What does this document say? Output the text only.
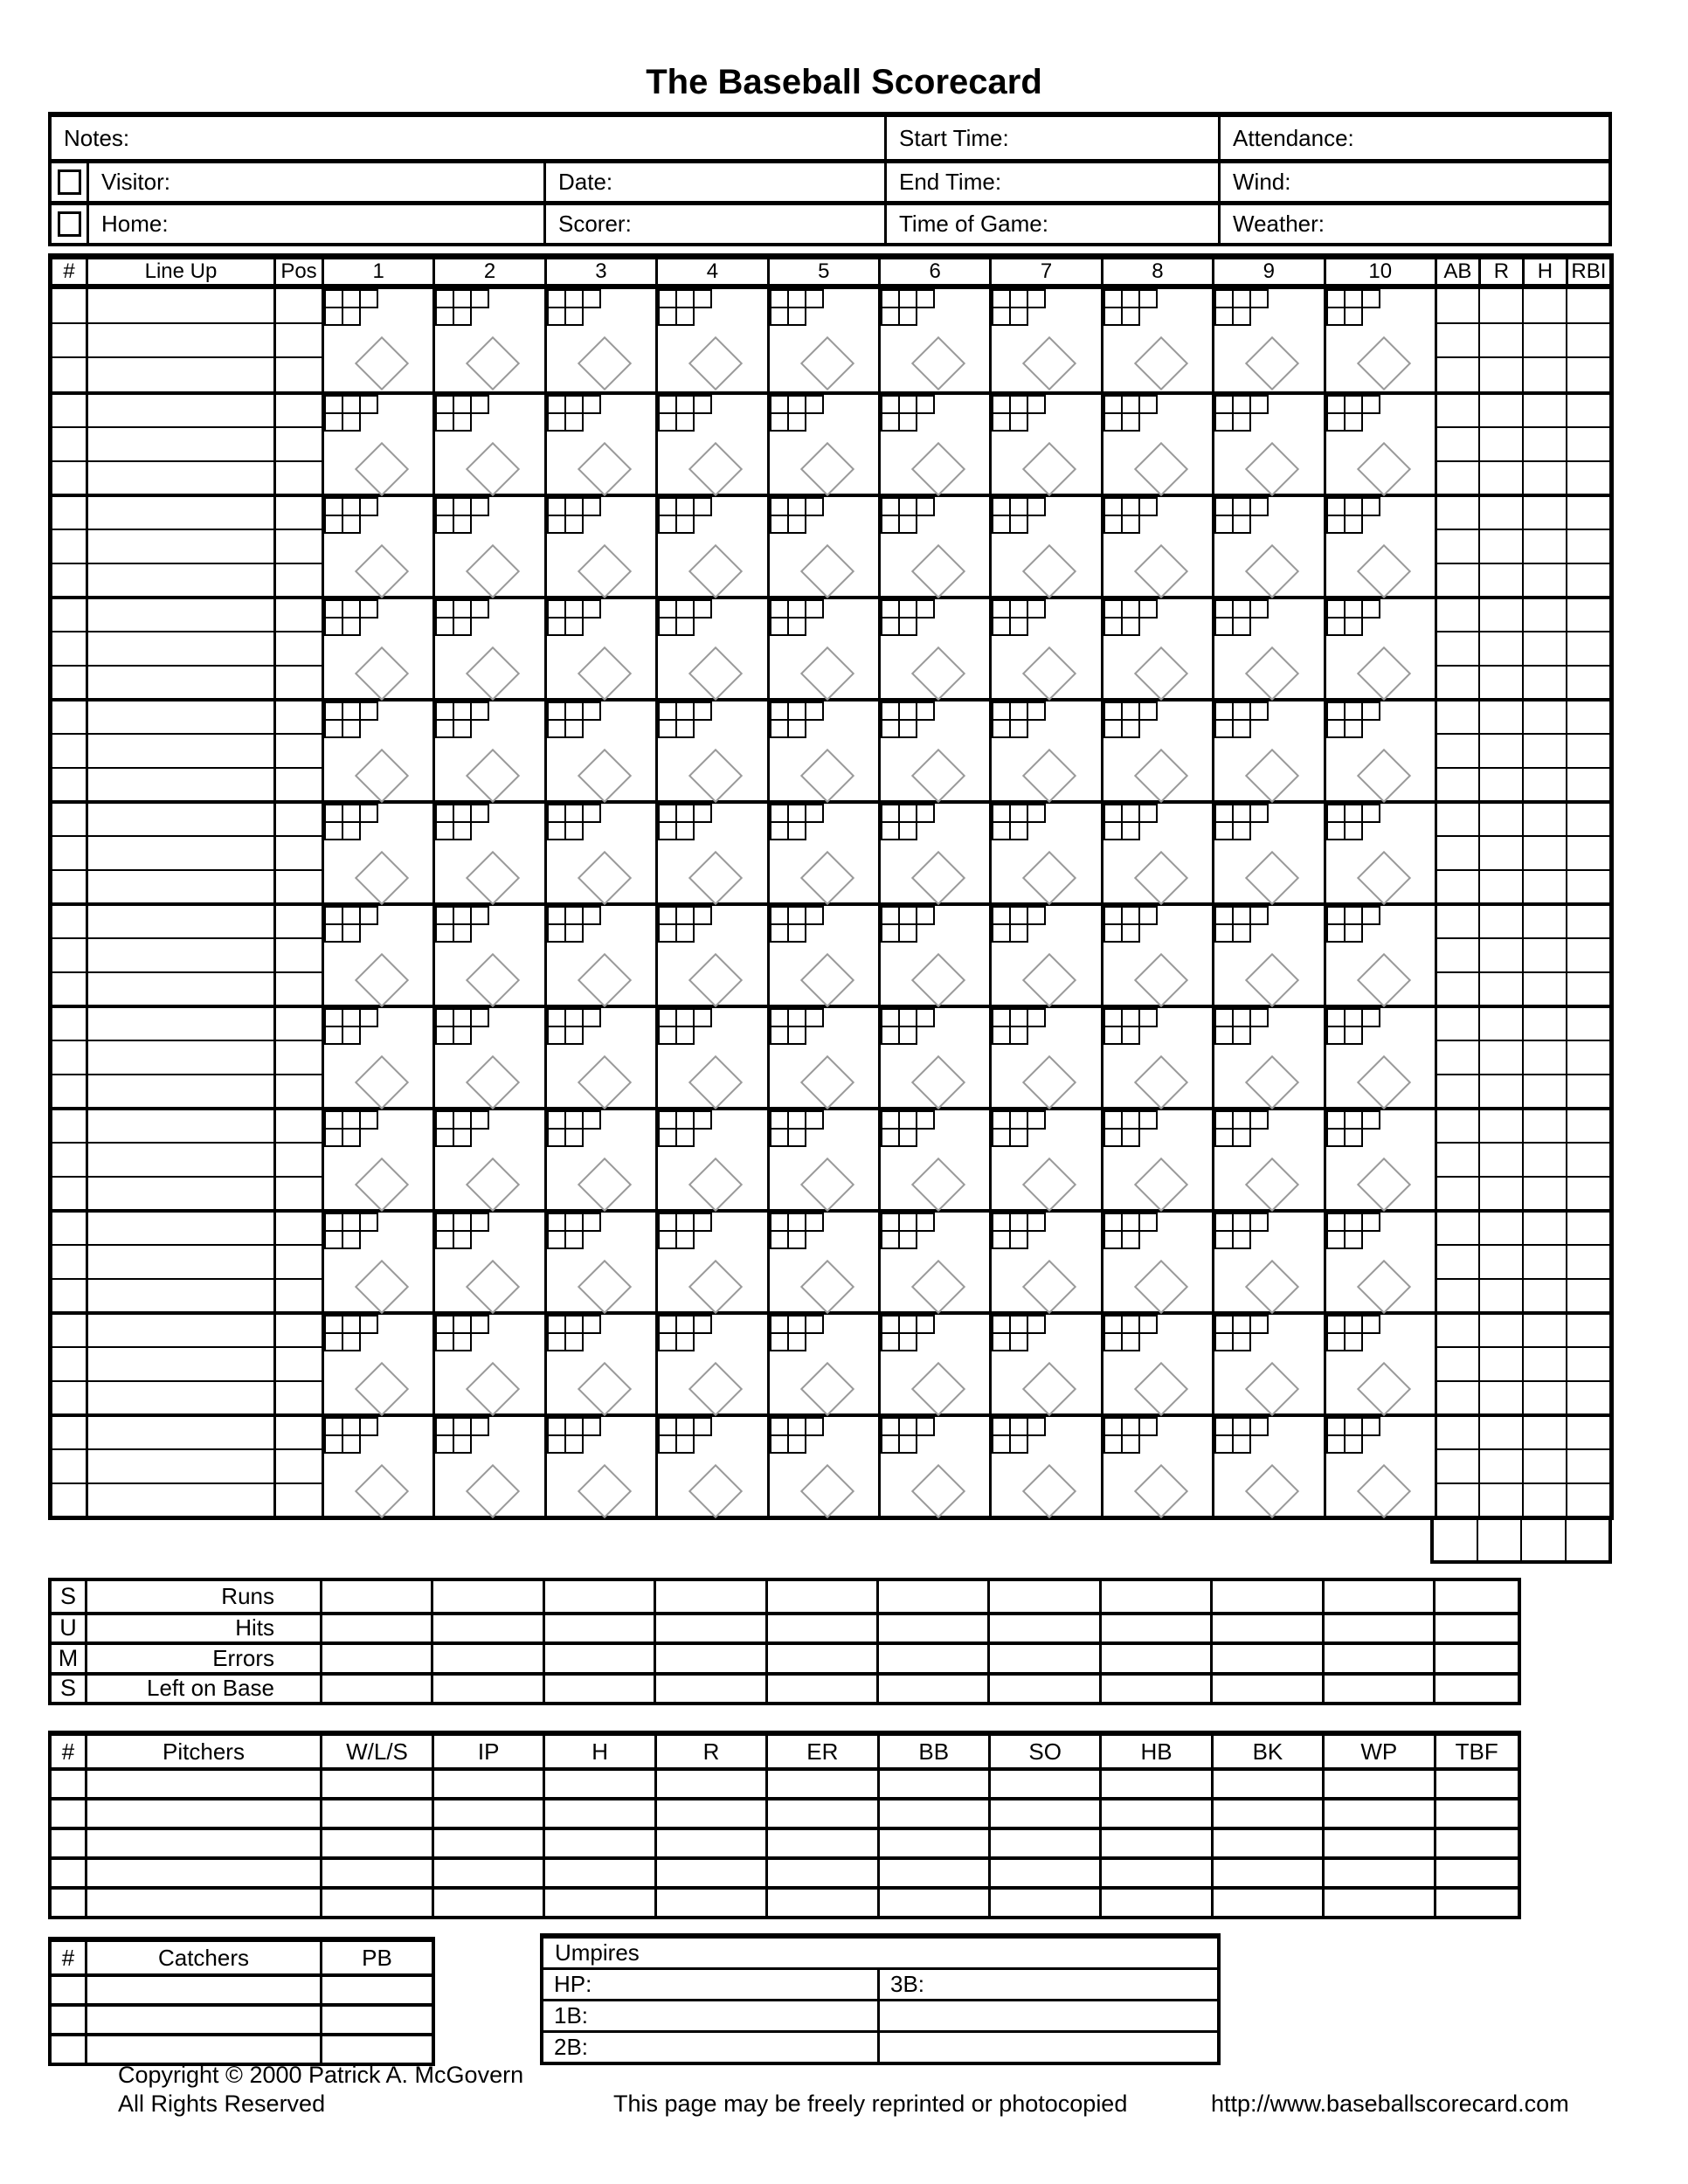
The Baseball Scorecard
Notes:	Start Time:	Attendance:
Visitor:	Date:	End Time:	Wind:
Home:	Scorer:	Time of Game:	Weather:
#	Line Up	Pos	1	2	3	4	5	6	7	8	9	10	AB	R	H RBI
S	Runs
U	Hits
M	Errors
S	Left on Base
#	Pitchers	W/L/S	IP	H	R	ER	BB	SO	HB	BK	WP	TBF
#	Catchers	PB	Umpires
HP:	3B:
1B:
2B:
Copyright © 2000 Patrick A. McGovern
All Rights Reserved	This page may be freely reprinted or photocopied	http://www.baseballscorecard.com
